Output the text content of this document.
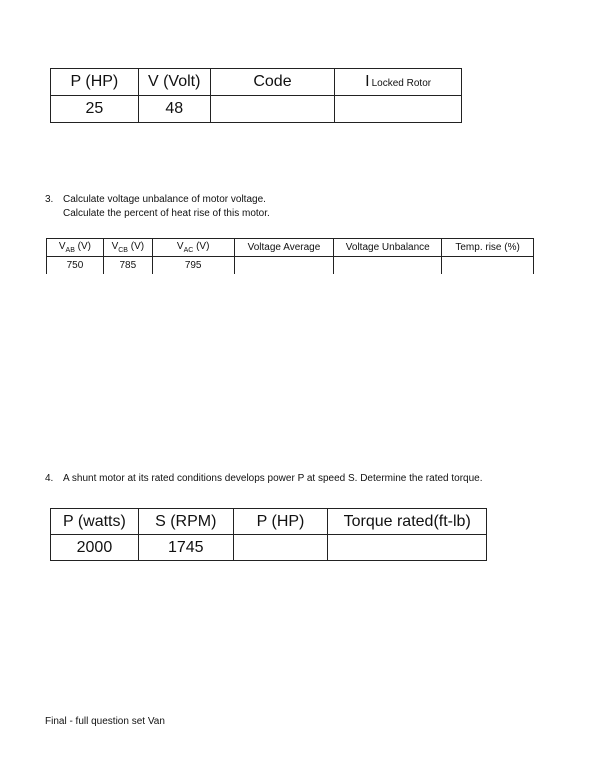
P (HP)	V (Volt)	Code	I Locked Rotor
25	48		
3. Calculate voltage unbalance of motor voltage.
Calculate the percent of heat rise of this motor.
$V_{AB}$ (V)	$V_{CB}$ (V)	$V_{AC}$ (V)	Voltage Average	Voltage Unbalance	Temp. rise (%)
750	785	795			
4. A shunt motor at its rated conditions develops power P at speed S. Determine the rated torque.
P (watts)	S (RPM)	P (HP)	Torque rated(ft-lb)
2000	1745		
Final - full question set Van
